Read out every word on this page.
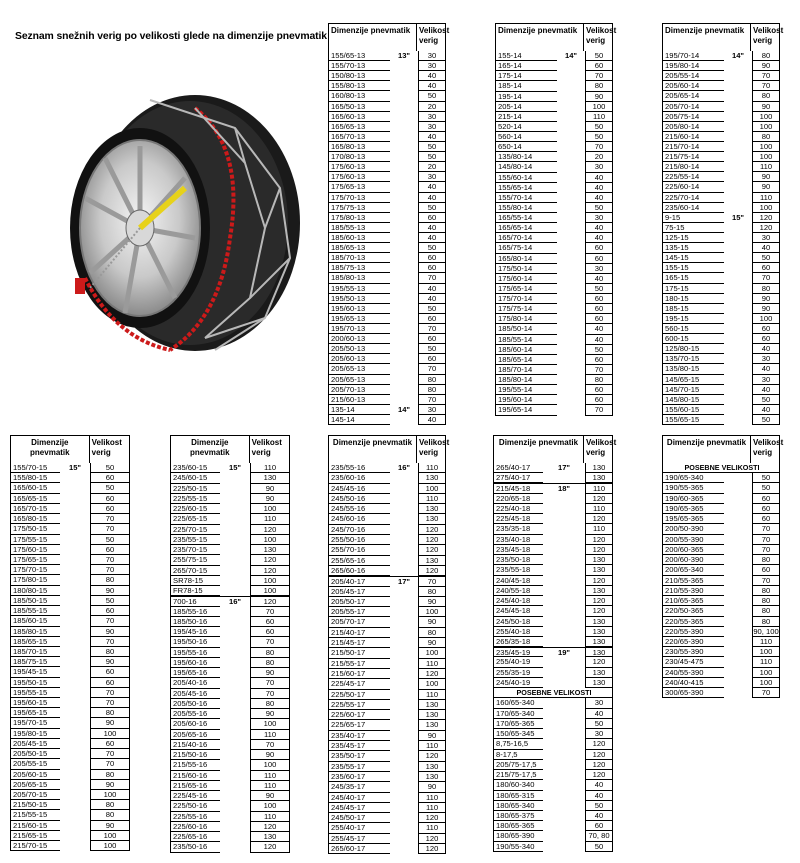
Seznam snežnih verig po velikosti glede na dimenzije pnevmatik
Dimenzije pnevmatik	Velikost verig
155/65-13	13"	30
155/70-13	30
150/80-13	40
155/80-13	40
160/80-13	50
165/50-13	20
165/60-13	30
165/65-13	30
165/70-13	40
165/80-13	50
170/80-13	50
175/60-13	20
175/60-13	30
175/65-13	40
175/70-13	40
175/75-13	50
175/80-13	60
185/55-13	40
185/60-13	40
185/65-13	50
185/70-13	60
185/75-13	60
185/80-13	70
195/55-13	40
195/50-13	40
195/60-13	50
195/65-13	60
195/70-13	70
200/60-13	60
205/50-13	50
205/60-13	60
205/65-13	70
205/65-13	80
205/70-13	80
215/60-13	70
135-14	14"	30
145-14	40
Dimenzije pnevmatik	Velikost verig
155-14	14"	50
165-14	60
175-14	70
185-14	80
195-14	90
205-14	100
215-14	110
520-14	50
560-14	50
650-14	70
135/80-14	20
145/80-14	30
155/60-14	40
155/65-14	40
155/70-14	40
155/80-14	50
165/55-14	30
165/65-14	40
165/70-14	40
165/75-14	60
165/80-14	60
175/50-14	30
175/60-14	40
175/65-14	50
175/70-14	60
175/75-14	60
175/80-14	60
185/50-14	40
185/55-14	40
185/60-14	50
185/65-14	60
185/70-14	70
185/80-14	80
195/55-14	60
195/60-14	60
195/65-14	70
Dimenzije pnevmatik	Velikost verig
195/70-14	14"	80
195/80-14	90
205/55-14	70
205/60-14	70
205/65-14	80
205/70-14	90
205/75-14	100
205/80-14	100
215/60-14	80
215/70-14	100
215/75-14	100
215/80-14	110
225/55-14	90
225/60-14	90
225/70-14	110
235/60-14	100
9-15	15"	120
75-15	120
125-15	30
135-15	40
145-15	50
155-15	60
165-15	70
175-15	80
180-15	90
185-15	90
195-15	100
560-15	60
600-15	60
125/80-15	40
135/70-15	30
135/80-15	40
145/65-15	30
145/70-15	40
145/80-15	50
155/60-15	40
155/65-15	50
Dimenzije pnevmatik
Velikost verig
155/70-15	15"	50
155/80-15	60
165/60-15	50
165/65-15	60
165/70-15	60
165/80-15	70
175/50-15	70
175/55-15	50
175/60-15	60
175/65-15	70
175/70-15	70
175/80-15	80
180/80-15	90
185/50-15	50
185/55-15	60
185/60-15	70
185/80-15	90
185/65-15	70
185/70-15	80
185/75-15	90
195/45-15	60
195/50-15	60
195/55-15	70
195/60-15	70
195/65-15	80
195/70-15	90
195/80-15	100
205/45-15	60
205/50-15	70
205/55-15	70
205/60-15	80
205/65-15	90
205/70-15	100
215/50-15	80
215/55-15	80
215/60-15	90
215/65-15	100
215/70-15	100
Dimenzije pnevmatik
Velikost verig
235/60-15	15"	110
245/60-15	130
225/50-15	90
225/55-15	90
225/60-15	100
225/65-15	110
225/70-15	120
235/55-15	100
235/70-15	130
255/75-15	120
265/70-15	120
SR78-15	100
FR78-15	100
700-16	16"	120
185/55-16	70
185/50-16	60
195/45-16	60
195/50-16	70
195/55-16	80
195/60-16	80
195/65-16	90
205/40-16	70
205/45-16	70
205/50-16	80
205/55-16	90
205/60-16	100
205/65-16	110
215/40-16	70
215/50-16	90
215/55-16	100
215/60-16	110
215/65-16	110
225/45-16	90
225/50-16	100
225/55-16	110
225/60-16	120
225/65-16	130
235/50-16	120
Dimenzije pnevmatik Velikost verig
235/55-16	16"	110
235/60-16	130
245/45-16	100
245/50-16	110
245/55-16	130
245/60-16	130
245/70-16	120
255/50-16	120
255/70-16	120
255/65-16	130
265/60-16	120
205/40-17	17"	70
205/45-17	80
205/50-17	90
205/55-17	100
205/70-17	90
215/40-17	80
215/45-17	90
215/50-17	100
215/55-17	110
215/60-17	120
225/45-17	100
225/50-17	110
225/55-17	130
225/60-17	130
225/65-17	130
235/40-17	90
235/45-17	110
235/50-17	120
235/55-17	130
235/60-17	130
245/35-17	90
245/40-17	110
245/45-17	110
245/50-17	120
255/40-17	110
255/45-17	120
265/60-17	120
Dimenzije pnevmatik Velikost verig
265/40-17	17"	130
275/40-17	130
215/45-18	18"	110
220/65-18	120
225/40-18	110
225/45-18	120
235/35-18	110
235/40-18	120
235/45-18	120
235/50-18	130
235/55-18	130
240/45-18	120
240/55-18	130
245/40-18	120
245/45-18	120
245/50-18	130
255/40-18	130
265/35-18	130
235/45-19	19"	130
255/40-19	120
255/35-19	130
245/40-19	130
POSEBNE VELIKOSTI
160/65-340	30
170/65-340	40
170/65-365	50
150/65-345	30
8,75-16,5	120
8-17,5	120
205/75-17,5	120
215/75-17,5	120
180/60-340	40
180/65-315	40
180/65-340	50
180/65-375	40
180/65-365	60
180/65-390	70, 80
190/55-340	50
Dimenzije pnevmatik Velikost verig
POSEBNE VELIKOSTI
190/65-340	50
190/55-365	50
190/60-365	60
190/65-365	60
195/65-365	60
200/50-390	70
200/55-390	70
200/60-365	70
200/60-390	80
200/65-340	60
210/55-365	70
210/55-390	80
210/65-365	80
220/50-365	80
220/55-365	80
220/55-390	90, 100
220/65-390	110
230/55-390	100
230/45-475	110
240/55-390	100
240/40-415	100
300/65-390	70
